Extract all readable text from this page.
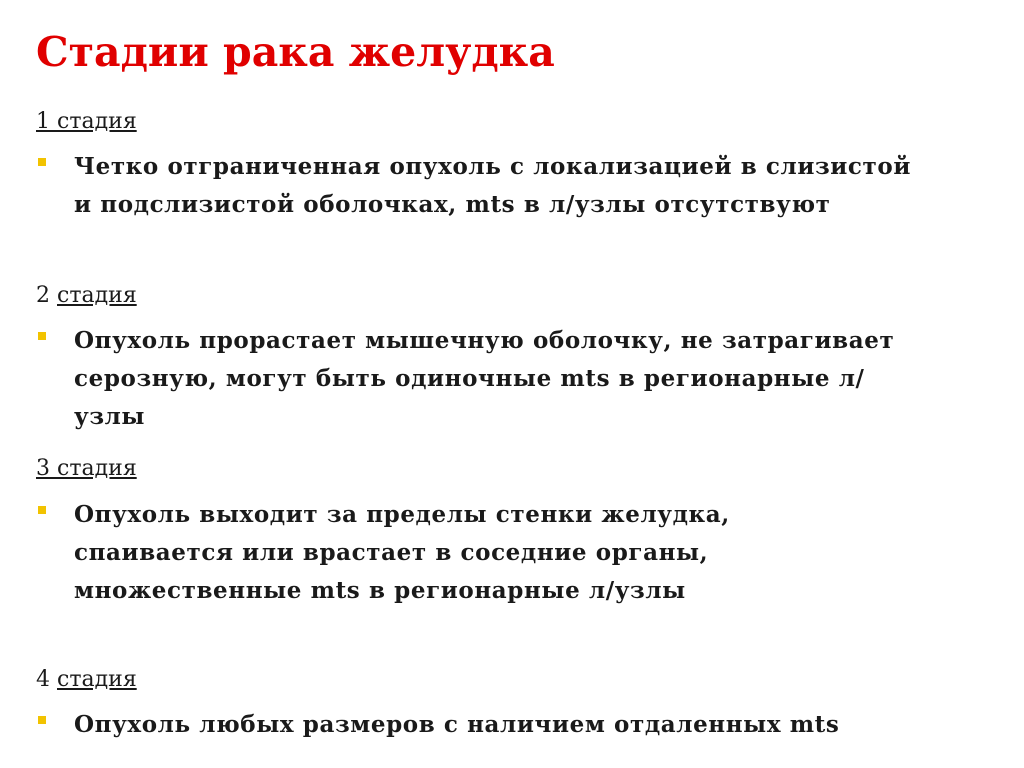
Стадии рака желудка
1 стадия

Четко отграниченная опухоль с локализацией в слизистой и подслизистой оболочках, mts в л/узлы отсутствуют

2 стадия

Опухоль прорастает мышечную оболочку, не затрагивает серозную, могут быть одиночные mts в регионарные л/узлы

3 стадия

Опухоль выходит за пределы стенки желудка, спаивается или врастает в соседние органы, множественные mts в регионарные л/узлы

4 стадия

Опухоль любых размеров с наличием отдаленных mts
